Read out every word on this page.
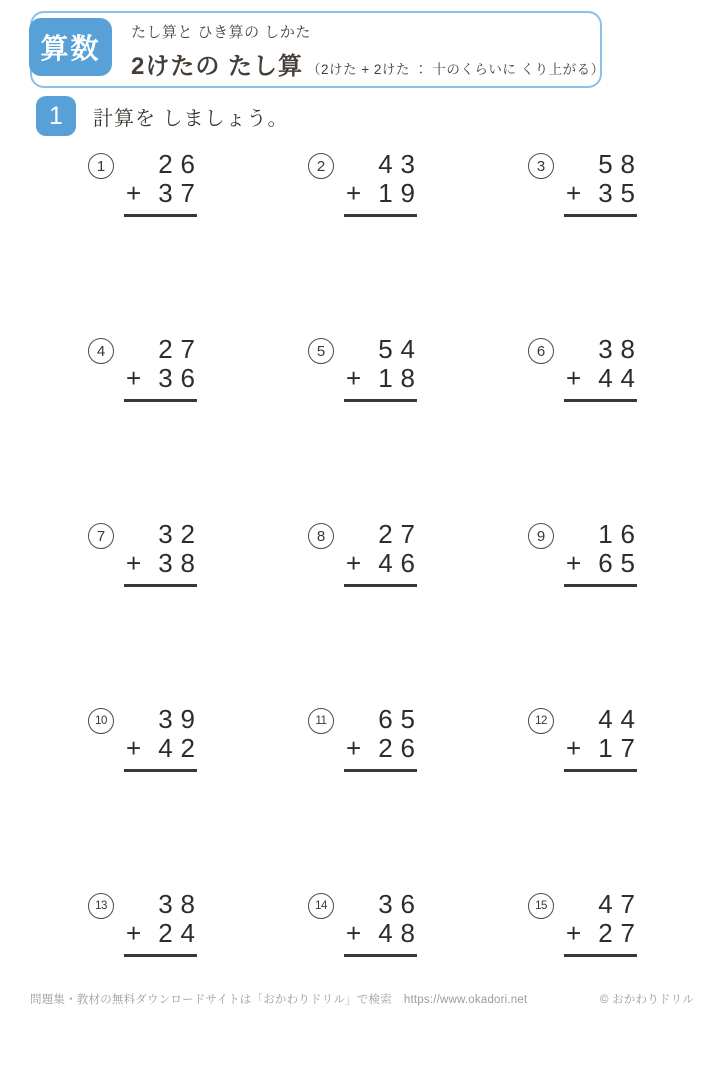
算数
たし算と ひき算の しかた
2けたの たし算 （2けた + 2けた ： 十のくらいに くり上がる）
1	計算を しましょう。
1	26
+ 37
2	43
+ 19
3	58
+ 35
4	27
+ 36
5	54
+ 18
6	38
+ 44
7	32
+ 38
8	27
+ 46
9	16
+ 65
10	39
+ 42
11	65
+ 26
12	44
+ 17
13	38
+ 24
14	36
+ 48
15	47
+ 27
問題集・教材の無料ダウンロードサイトは「おかわりドリル」で検索 https://www.okadori.net	© おかわりドリル
